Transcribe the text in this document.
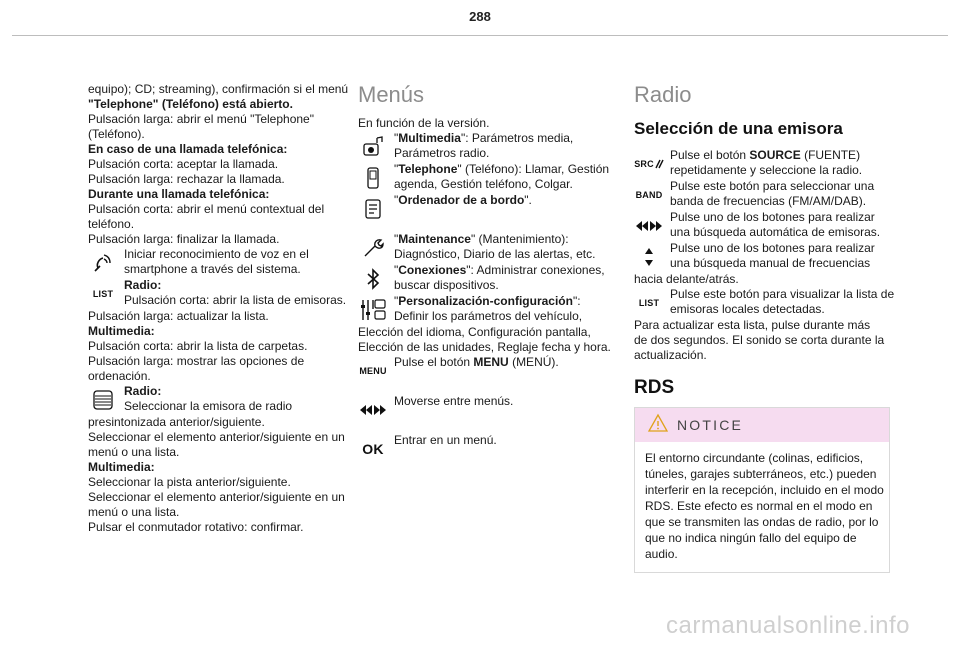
288
equipo); CD; streaming), confirmación si el menú
"Telephone" (Teléfono) está abierto.
Pulsación larga: abrir el menú "Telephone"
(Teléfono).
En caso de una llamada telefónica:
Pulsación corta: aceptar la llamada.
Pulsación larga: rechazar la llamada.
Durante una llamada telefónica:
Pulsación corta: abrir el menú contextual del
teléfono.
Pulsación larga: finalizar la llamada.
Iniciar reconocimiento de voz en el
smartphone a través del sistema.
LIST
Radio:
Pulsación corta: abrir la lista de emisoras.
Pulsación larga: actualizar la lista.
Multimedia:
Pulsación corta: abrir la lista de carpetas.
Pulsación larga: mostrar las opciones de
ordenación.
Radio:
Seleccionar la emisora de radio
presintonizada anterior/siguiente.
Seleccionar el elemento anterior/siguiente en un
menú o una lista.
Multimedia:
Seleccionar la pista anterior/siguiente.
Seleccionar el elemento anterior/siguiente en un
menú o una lista.
Pulsar el conmutador rotativo: confirmar.
Menús
En función de la versión.
"Multimedia": Parámetros media,
Parámetros radio.
"Telephone" (Teléfono): Llamar, Gestión
agenda, Gestión teléfono, Colgar.
"Ordenador de a bordo".
"Maintenance" (Mantenimiento):
Diagnóstico, Diario de las alertas, etc.
"Conexiones": Administrar conexiones,
buscar dispositivos.
"Personalización-configuración":
Definir los parámetros del vehículo,
Elección del idioma, Configuración pantalla,
Elección de las unidades, Reglaje fecha y hora.
MENU
Pulse el botón MENU (MENÚ).
Moverse entre menús.
OK
Entrar en un menú.
Radio
Selección de una emisora
SRC
Pulse el botón SOURCE (FUENTE)
repetidamente y seleccione la radio.
BAND
Pulse este botón para seleccionar una
banda de frecuencias (FM/AM/DAB).
Pulse uno de los botones para realizar
una búsqueda automática de emisoras.
Pulse uno de los botones para realizar
una búsqueda manual de frecuencias
hacia delante/atrás.
LIST
Pulse este botón para visualizar la lista de
emisoras locales detectadas.
Para actualizar esta lista, pulse durante más
de dos segundos. El sonido se corta durante la
actualización.
RDS
NOTICE
El entorno circundante (colinas, edificios,
túneles, garajes subterráneos, etc.) pueden
interferir en la recepción, incluido en el modo
RDS. Este efecto es normal en el modo en
que se transmiten las ondas de radio, por lo
que no indica ningún fallo del equipo de
audio.
carmanualsonline.info
